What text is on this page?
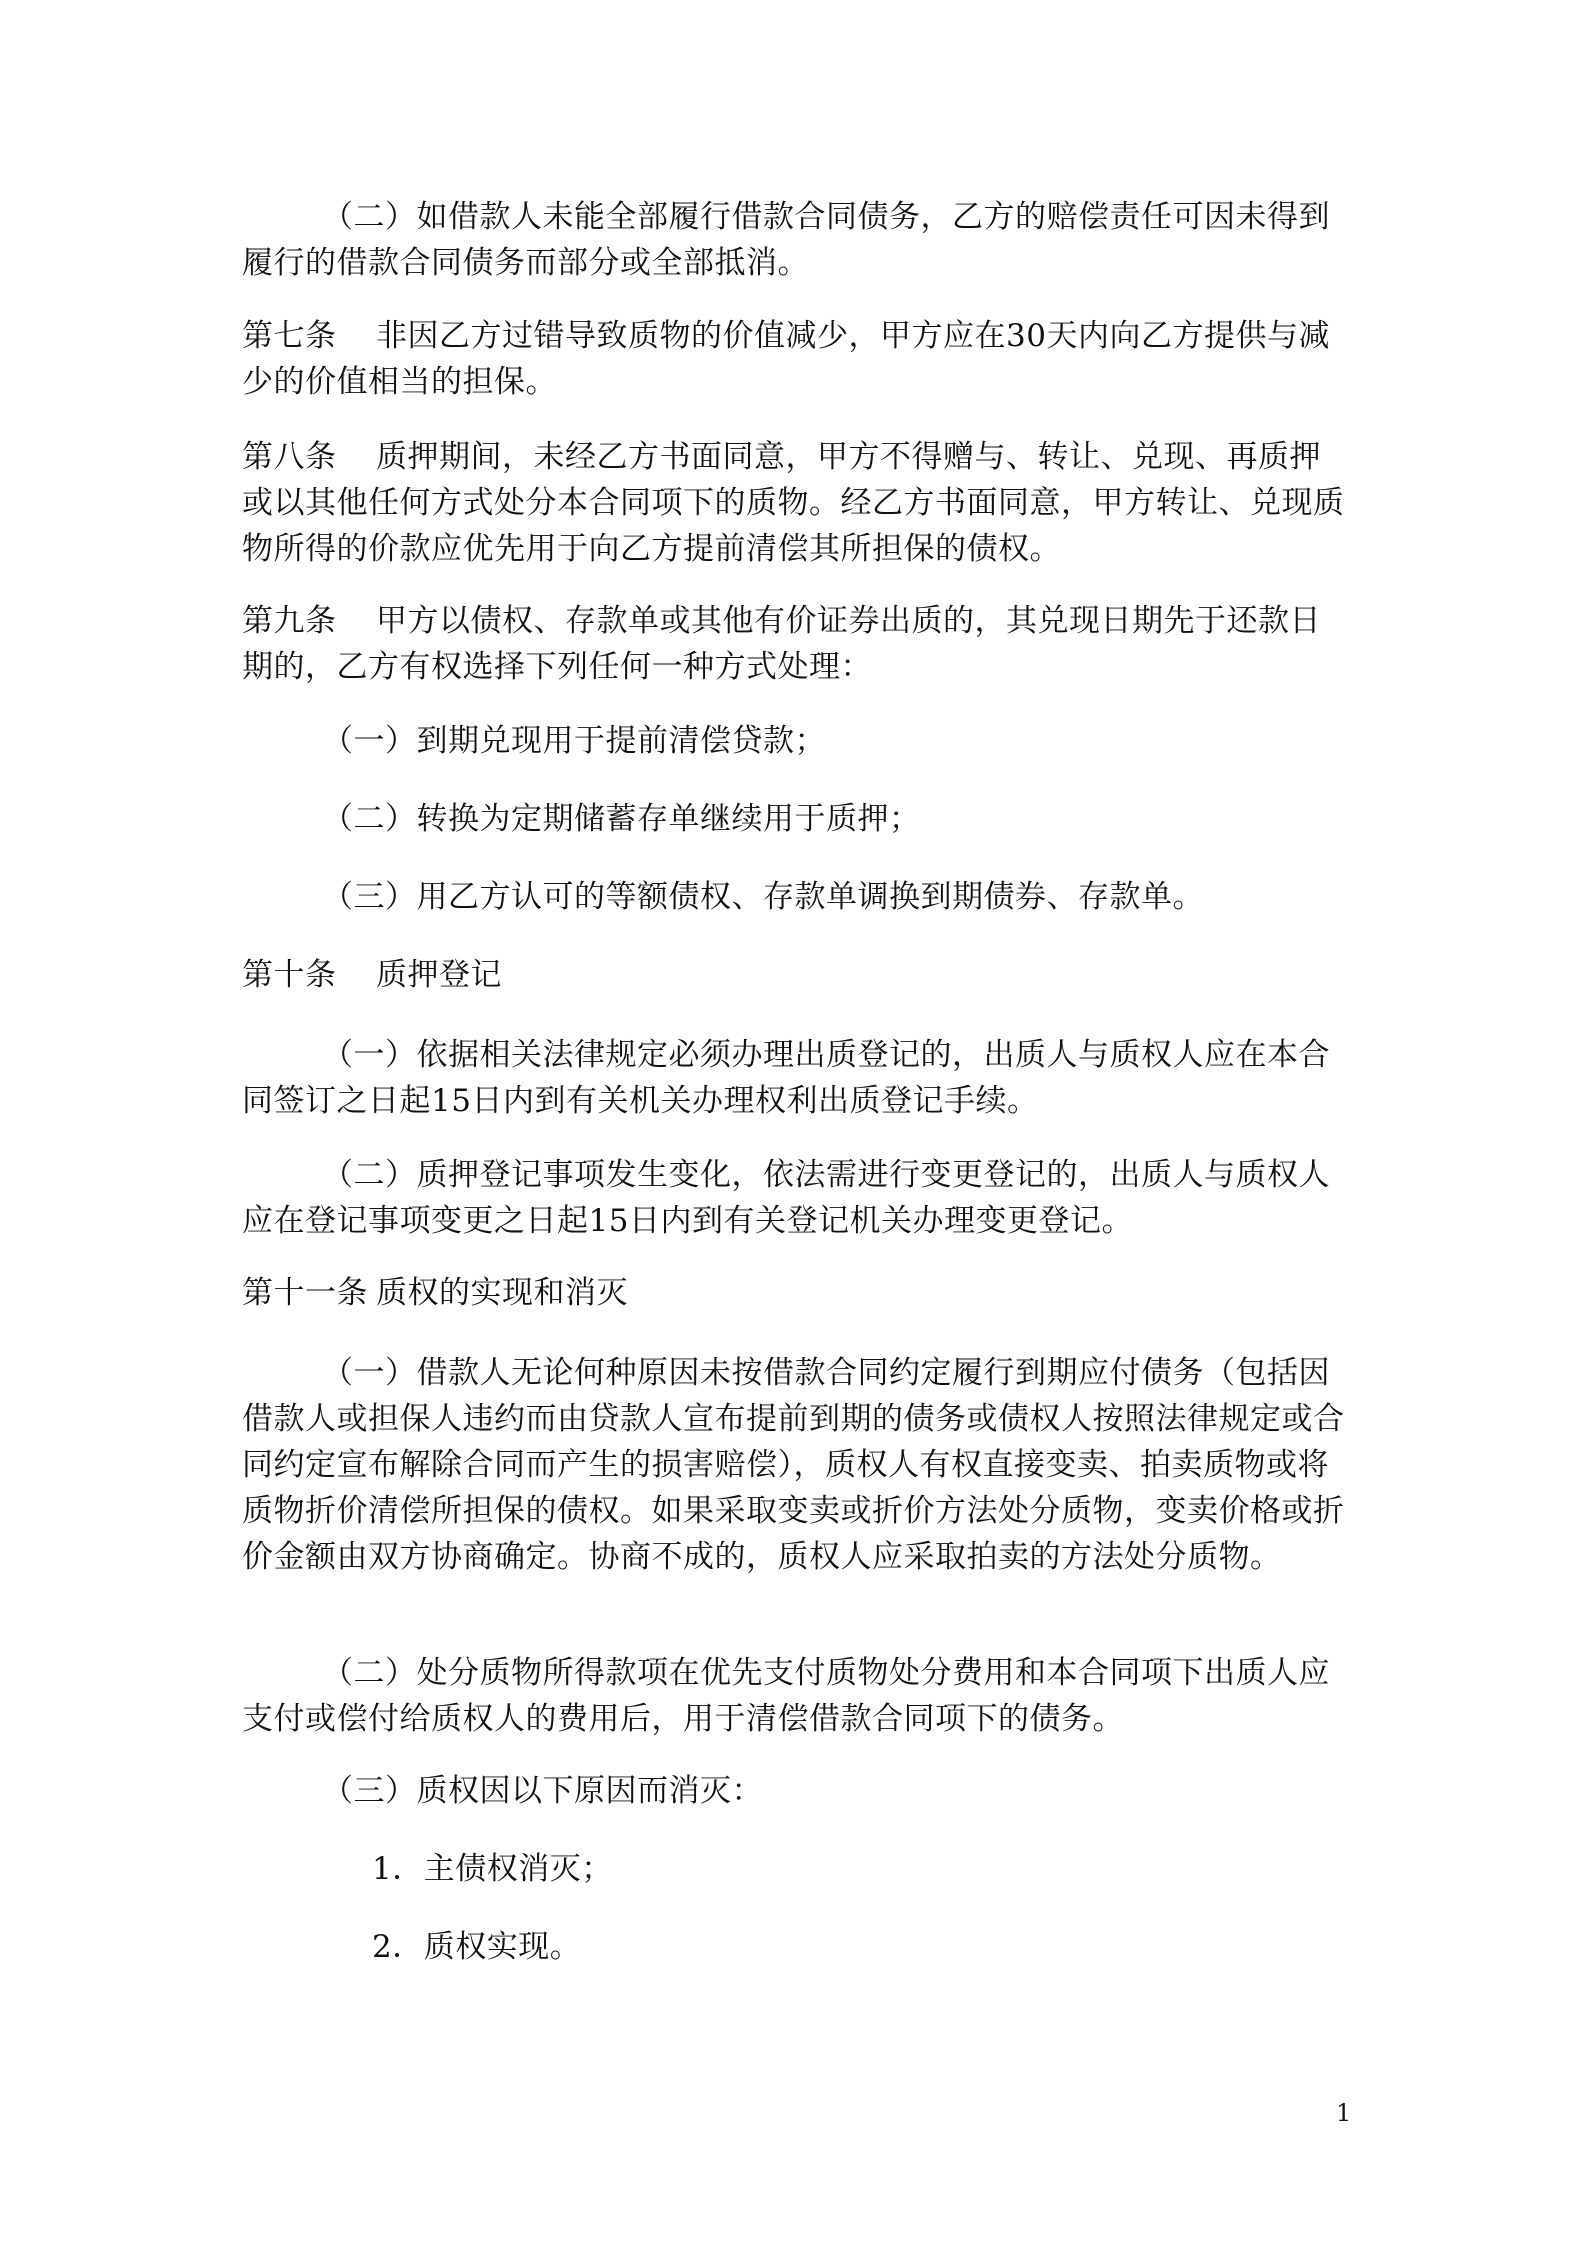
（二）如借款人未能全部履行借款合同债务，乙方的赔偿责任可因未得到履行的借款合同债务而部分或全部抵消。

第七条 非因乙方过错导致质物的价值减少，甲方应在30天内向乙方提供与减少的价值相当的担保。

第八条 质押期间，未经乙方书面同意，甲方不得赠与、转让、兑现、再质押或以其他任何方式处分本合同项下的质物。经乙方书面同意，甲方转让、兑现质物所得的价款应优先用于向乙方提前清偿其所担保的债权。

第九条 甲方以债权、存款单或其他有价证券出质的，其兑现日期先于还款日期的，乙方有权选择下列任何一种方式处理：

（一）到期兑现用于提前清偿贷款；

（二）转换为定期储蓄存单继续用于质押；

（三）用乙方认可的等额债权、存款单调换到期债券、存款单。

第十条 质押登记

（一）依据相关法律规定必须办理出质登记的，出质人与质权人应在本合同签订之日起15日内到有关机关办理权利出质登记手续。

（二）质押登记事项发生变化，依法需进行变更登记的，出质人与质权人应在登记事项变更之日起15日内到有关登记机关办理变更登记。

第十一条 质权的实现和消灭

（一）借款人无论何种原因未按借款合同约定履行到期应付债务（包括因借款人或担保人违约而由贷款人宣布提前到期的债务或债权人按照法律规定或合同约定宣布解除合同而产生的损害赔偿），质权人有权直接变卖、拍卖质物或将质物折价清偿所担保的债权。如果采取变卖或折价方法处分质物，变卖价格或折价金额由双方协商确定。协商不成的，质权人应采取拍卖的方法处分质物。

（二）处分质物所得款项在优先支付质物处分费用和本合同项下出质人应支付或偿付给质权人的费用后，用于清偿借款合同项下的债务。

（三）质权因以下原因而消灭：

1．主债权消灭；

2．质权实现。

1
